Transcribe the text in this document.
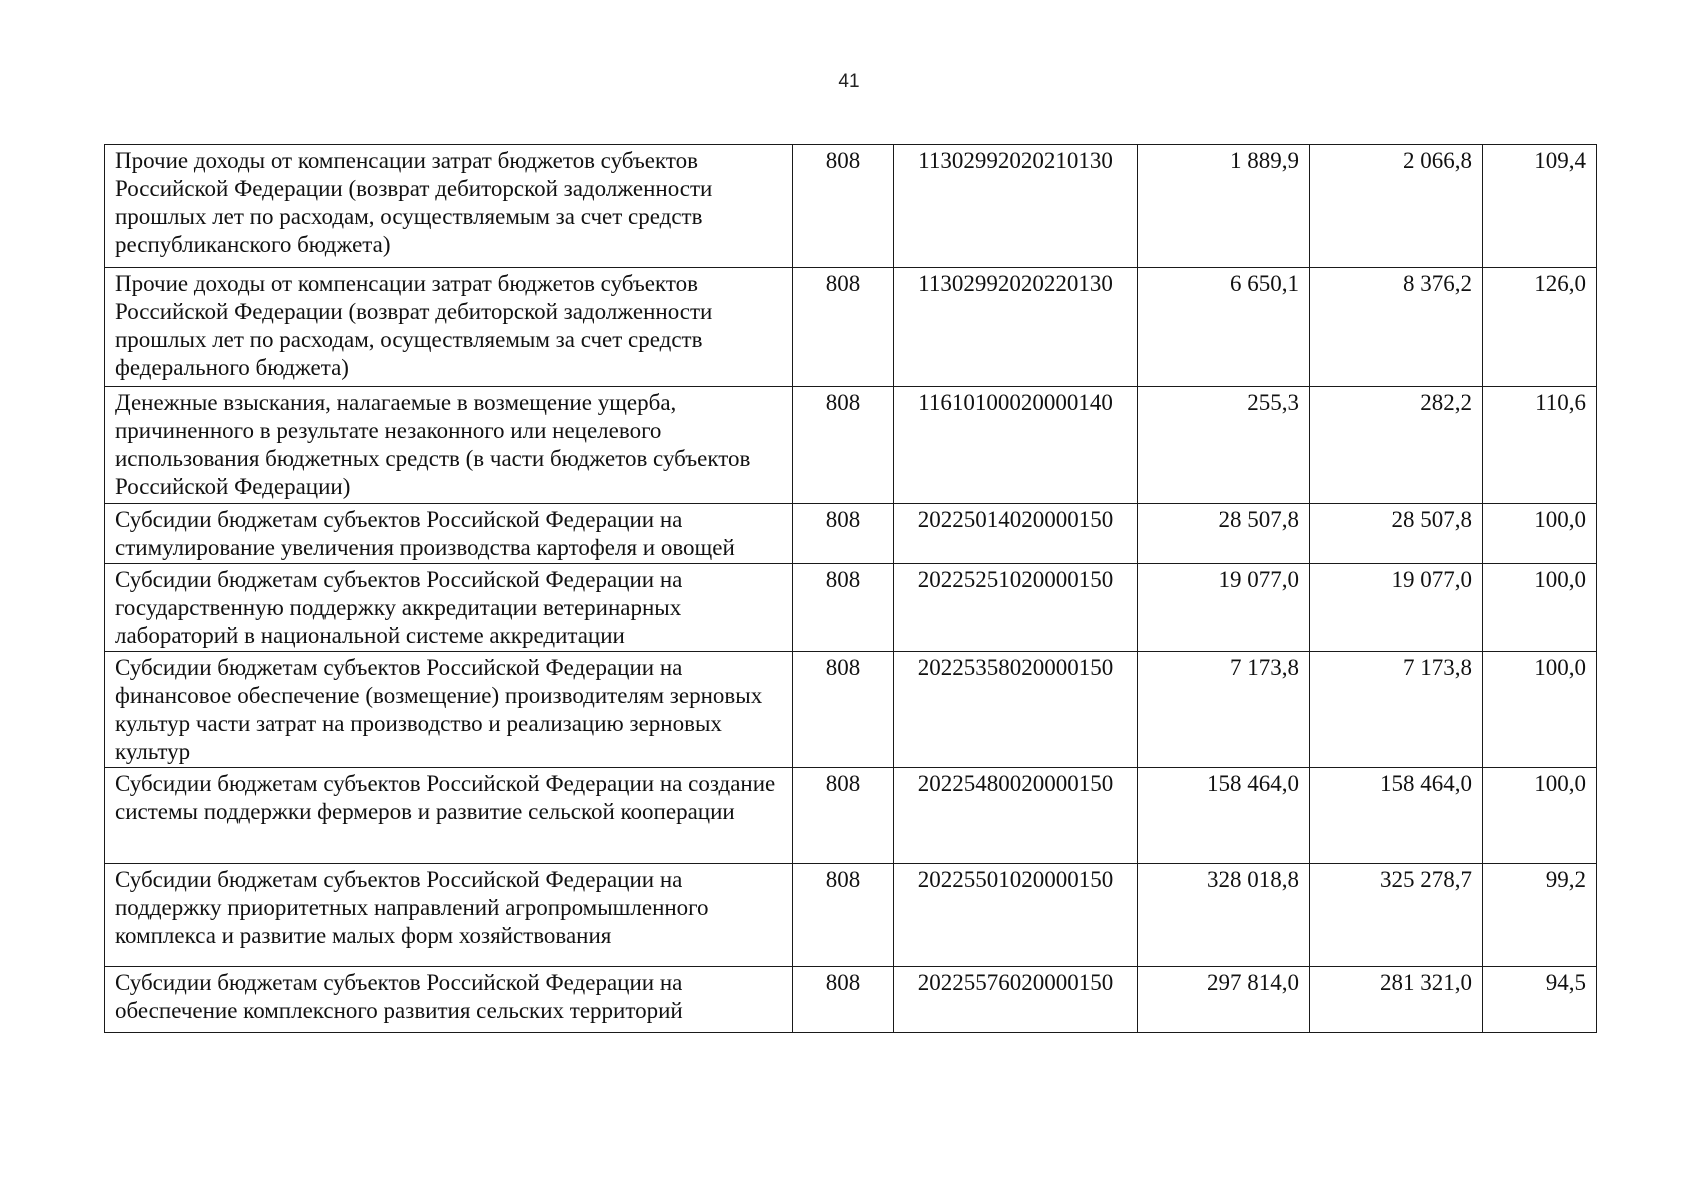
41
Прочие доходы от компенсации затрат бюджетов субъектов Российской Федерации (возврат дебиторской задолженности прошлых лет по расходам, осуществляемым за счет средств республиканского бюджета)	808	11302992020210130	1 889,9	2 066,8	109,4
Прочие доходы от компенсации затрат бюджетов субъектов Российской Федерации (возврат дебиторской задолженности прошлых лет по расходам, осуществляемым за счет средств федерального бюджета)	808	11302992020220130	6 650,1	8 376,2	126,0
Денежные взыскания, налагаемые в возмещение ущерба, причиненного в результате незаконного или нецелевого использования бюджетных средств (в части бюджетов субъектов Российской Федерации)	808	11610100020000140	255,3	282,2	110,6
Субсидии бюджетам субъектов Российской Федерации на стимулирование увеличения производства картофеля и овощей	808	20225014020000150	28 507,8	28 507,8	100,0
Субсидии бюджетам субъектов Российской Федерации на государственную поддержку аккредитации ветеринарных лабораторий в национальной системе аккредитации	808	20225251020000150	19 077,0	19 077,0	100,0
Субсидии бюджетам субъектов Российской Федерации на финансовое обеспечение (возмещение) производителям зерновых культур части затрат на производство и реализацию зерновых культур	808	20225358020000150	7 173,8	7 173,8	100,0
Субсидии бюджетам субъектов Российской Федерации на создание системы поддержки фермеров и развитие сельской кооперации	808	20225480020000150	158 464,0	158 464,0	100,0
Субсидии бюджетам субъектов Российской Федерации на поддержку приоритетных направлений агропромышленного комплекса и развитие малых форм хозяйствования	808	20225501020000150	328 018,8	325 278,7	99,2
Субсидии бюджетам субъектов Российской Федерации на обеспечение комплексного развития сельских территорий	808	20225576020000150	297 814,0	281 321,0	94,5
